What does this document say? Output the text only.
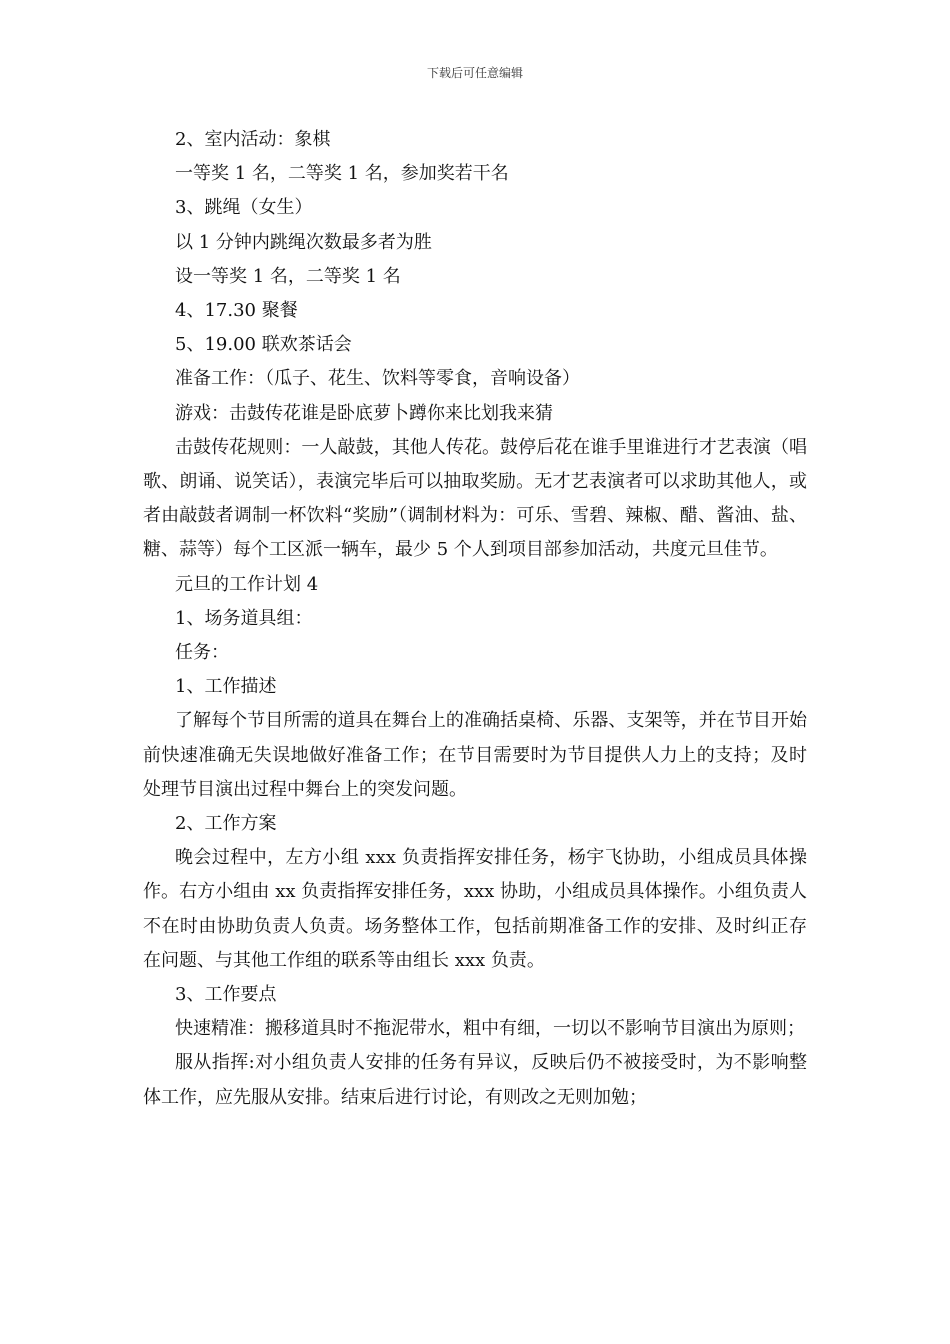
下载后可任意编辑

2、室内活动：象棋

一等奖 1 名，二等奖 1 名，参加奖若干名

3、跳绳（女生）

以 1 分钟内跳绳次数最多者为胜

设一等奖 1 名，二等奖 1 名

4、17.30 聚餐

5、19.00 联欢茶话会

准备工作：（瓜子、花生、饮料等零食，音响设备）

游戏：击鼓传花谁是卧底萝卜蹲你来比划我来猜

击鼓传花规则：一人敲鼓，其他人传花。鼓停后花在谁手里谁进行才艺表演（唱歌、朗诵、说笑话），表演完毕后可以抽取奖励。无才艺表演者可以求助其他人，或者由敲鼓者调制一杯饮料“奖励”（调制材料为：可乐、雪碧、辣椒、醋、酱油、盐、糖、蒜等）每个工区派一辆车，最少 5 个人到项目部参加活动，共度元旦佳节。

元旦的工作计划 4

1、场务道具组：

任务：

1、工作描述

了解每个节目所需的道具在舞台上的准确括桌椅、乐器、支架等，并在节目开始前快速准确无失误地做好准备工作；在节目需要时为节目提供人力上的支持；及时处理节目演出过程中舞台上的突发问题。

2、工作方案

晚会过程中，左方小组 xxx 负责指挥安排任务，杨宇飞协助，小组成员具体操作。右方小组由 xx 负责指挥安排任务，xxx 协助，小组成员具体操作。小组负责人不在时由协助负责人负责。场务整体工作，包括前期准备工作的安排、及时纠正存在问题、与其他工作组的联系等由组长 xxx 负责。

3、工作要点

快速精准：搬移道具时不拖泥带水，粗中有细，一切以不影响节目演出为原则；

服从指挥:对小组负责人安排的任务有异议，反映后仍不被接受时，为不影响整体工作，应先服从安排。结束后进行讨论，有则改之无则加勉；
